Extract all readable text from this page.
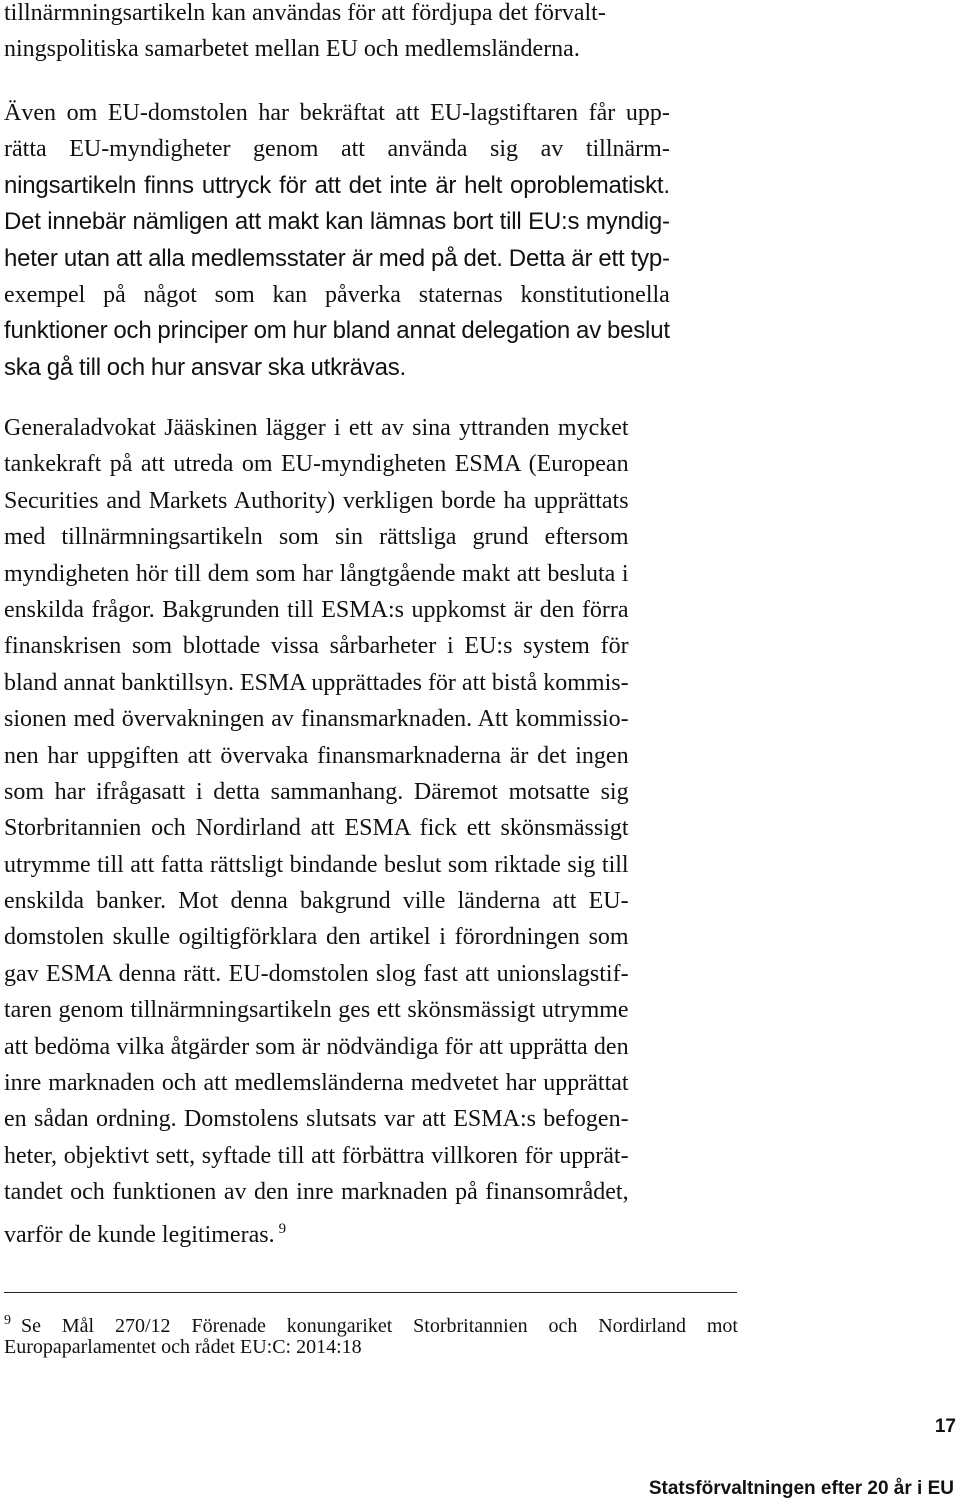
tillnärmningsartikeln kan användas för att fördjupa det förvalt-
ningspolitiska samarbetet mellan EU och medlemsländerna.
Även om EU-domstolen har bekräftat att EU-lagstiftaren får upp-
rätta EU-myndigheter genom att använda sig av tillnärm-
ningsartikeln finns uttryck för att det inte är helt oproblematiskt.
Det innebär nämligen att makt kan lämnas bort till EU:s myndig-
heter utan att alla medlemsstater är med på det. Detta är ett typ-
exempel på något som kan påverka staternas konstitutionella
funktioner och principer om hur bland annat delegation av beslut
ska gå till och hur ansvar ska utkrävas.
Generaladvokat Jääskinen lägger i ett av sina yttranden mycket
tankekraft på att utreda om EU-myndigheten ESMA (European
Securities and Markets Authority) verkligen borde ha upprättats
med tillnärmningsartikeln som sin rättsliga grund eftersom
myndigheten hör till dem som har långtgående makt att besluta i
enskilda frågor. Bakgrunden till ESMA:s uppkomst är den förra
finanskrisen som blottade vissa sårbarheter i EU:s system för
bland annat banktillsyn. ESMA upprättades för att bistå kommis-
sionen med övervakningen av finansmarknaden. Att kommissio-
nen har uppgiften att övervaka finansmarknaderna är det ingen
som har ifrågasatt i detta sammanhang. Däremot motsatte sig
Storbritannien och Nordirland att ESMA fick ett skönsmässigt
utrymme till att fatta rättsligt bindande beslut som riktade sig till
enskilda banker. Mot denna bakgrund ville länderna att EU-
domstolen skulle ogiltigförklara den artikel i förordningen som
gav ESMA denna rätt. EU-domstolen slog fast att unionslagstif-
taren genom tillnärmningsartikeln ges ett skönsmässigt utrymme
att bedöma vilka åtgärder som är nödvändiga för att upprätta den
inre marknaden och att medlemsländerna medvetet har upprättat
en sådan ordning. Domstolens slutsats var att ESMA:s befogen-
heter, objektivt sett, syftade till att förbättra villkoren för upprät-
tandet och funktionen av den inre marknaden på finansområdet,
varför de kunde legitimeras. $^9$
$^9$ Se Mål 270/12 Förenade konungariket Storbritannien och Nordirland mot
Europaparlamentet och rådet EU:C: 2014:18
17
Statsförvaltningen efter 20 år i EU
